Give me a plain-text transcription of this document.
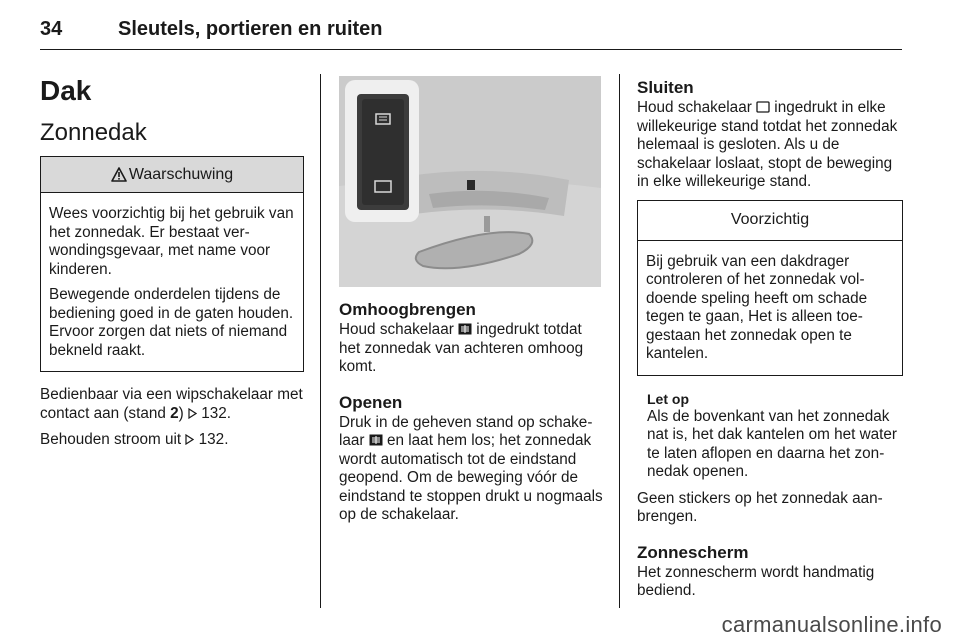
34	Sleutels, portieren en ruiten
Dak
Zonnedak
Waarschuwing

Wees voorzichtig bij het gebruik van het zonnedak. Er bestaat verwondingsgevaar, met name voor kinderen.

Bewegende onderdelen tijdens de bediening goed in de gaten houden. Ervoor zorgen dat niets of niemand bekneld raakt.

Bedienbaar via een wipschakelaar met contact aan (stand 2)  132.

Behouden stroom uit  132.

Omhoogbrengen

Houd schakelaar  ingedrukt totdat het zonnedak van achteren omhoog komt.

Openen

Druk in de geheven stand op schakelaar  en laat hem los; het zonnedak wordt automatisch tot de eindstand geopend. Om de beweging vóór de eindstand te stoppen drukt u nogmaals op de schakelaar.

Sluiten

Houd schakelaar  ingedrukt in elke willekeurige stand totdat het zonnedak helemaal is gesloten. Als u de schakelaar loslaat, stopt de beweging in elke willekeurige stand.

Voorzichtig

Bij gebruik van een dakdrager controleren of het zonnedak voldoende speling heeft om schade tegen te gaan, Het is alleen toegestaan het zonnedak open te kantelen.

Let op

Als de bovenkant van het zonnedak nat is, het dak kantelen om het water te laten aflopen en daarna het zonnedak openen.

Geen stickers op het zonnedak aanbrengen.

Zonnescherm

Het zonnescherm wordt handmatig bediend.

carmanualsonline.info
